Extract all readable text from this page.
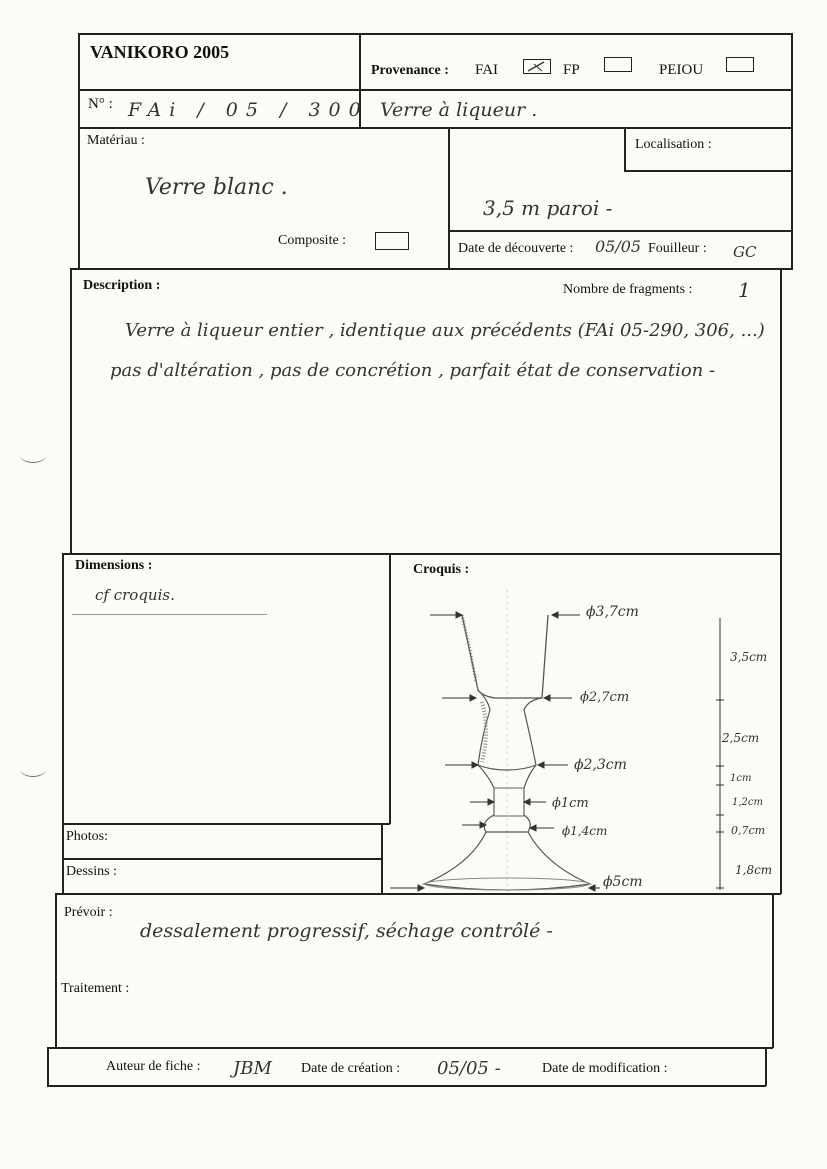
VANIKORO 2005
Provenance : FAI	FP	PEIOU
N° : FAi / 05 / 300 Verre à liqueur .
Matériau :
Verre blanc .
Composite :
Localisation :
3,5 m paroi -
Date de découverte : 05/05 Fouilleur : GC
Description :	Nombre de fragments : 1
Verre à liqueur entier , identique aux précédents (FAi 05-290, 306, ...)
pas d'altération , pas de concrétion , parfait état de conservation -
Dimensions :
cf croquis.
Croquis :
ϕ3,7cm
ϕ2,7cm
ϕ2,3cm
ϕ1cm
ϕ1,4cm
ϕ5cm
3,5cm
2,5cm
1cm
1,2cm
0,7cm
1,8cm
Photos:
Dessins :
Prévoir :
dessalement progressif, séchage contrôlé -
Traitement :
Auteur de fiche : JBM Date de création : 05/05 -	Date de modification :
